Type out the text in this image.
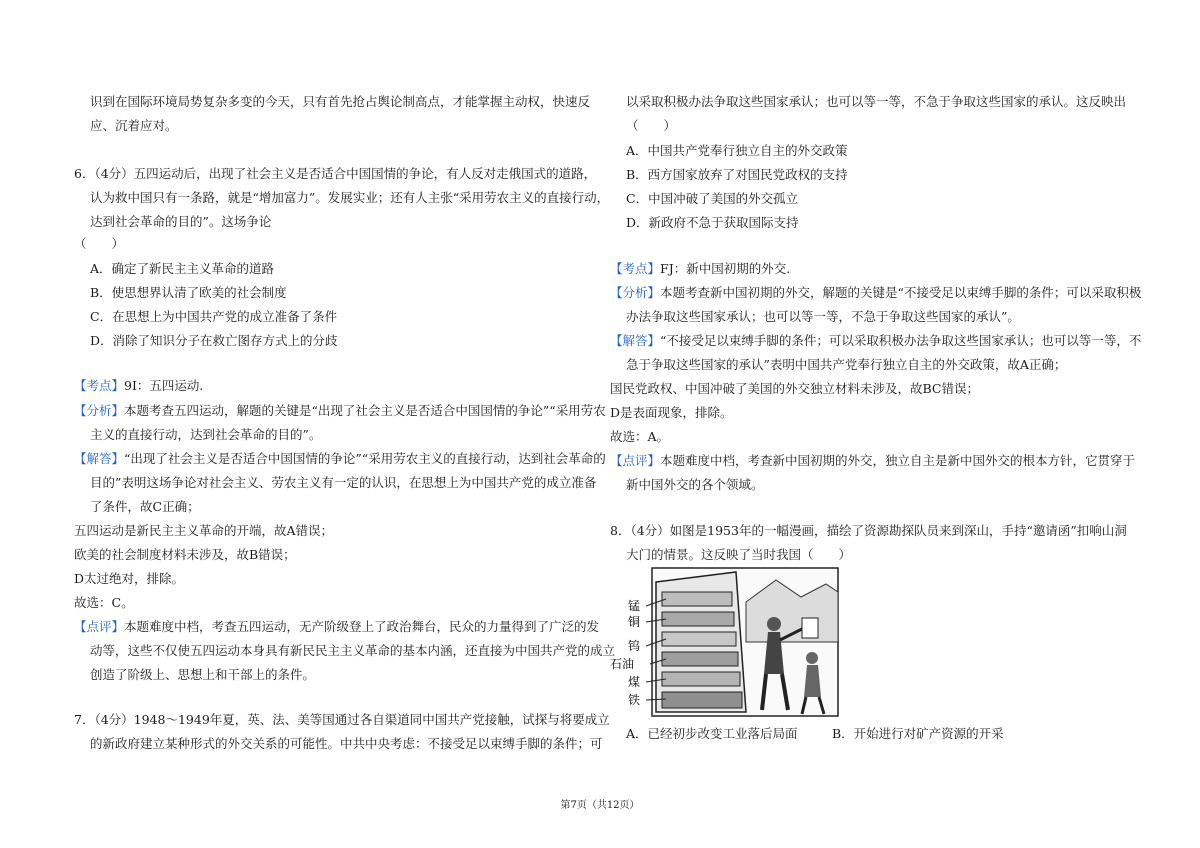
识到在国际环境局势复杂多变的今天，只有首先抢占舆论制高点，才能掌握主动权，快速反
应、沉着应对。
6．（4分）五四运动后，出现了社会主义是否适合中国国情的争论，有人反对走俄国式的道路，
认为救中国只有一条路，就是“增加富力”。发展实业；还有人主张“采用劳农主义的直接行动，
达到社会革命的目的”。这场争论
（　　）
A．确定了新民主主义革命的道路
B．使思想界认清了欧美的社会制度
C．在思想上为中国共产党的成立准备了条件
D．消除了知识分子在救亡图存方式上的分歧
【考点】9I：五四运动.
【分析】本题考查五四运动，解题的关键是“出现了社会主义是否适合中国国情的争论”“采用劳农
主义的直接行动，达到社会革命的目的”。
【解答】“出现了社会主义是否适合中国国情的争论”“采用劳农主义的直接行动，达到社会革命的
目的”表明这场争论对社会主义、劳农主义有一定的认识，在思想上为中国共产党的成立准备
了条件，故C正确；
五四运动是新民主主义革命的开端，故A错误；
欧美的社会制度材料未涉及，故B错误；
D太过绝对，排除。
故选：C。
【点评】本题难度中档，考查五四运动，无产阶级登上了政治舞台，民众的力量得到了广泛的发
动等，这些不仅使五四运动本身具有新民民主主义革命的基本内涵，还直接为中国共产党的成立
创造了阶级上、思想上和干部上的条件。
7．（4分）1948～1949年夏，英、法、美等国通过各自渠道同中国共产党接触，试探与将要成立
的新政府建立某种形式的外交关系的可能性。中共中央考虑：不接受足以束缚手脚的条件；可
以采取积极办法争取这些国家承认；也可以等一等，不急于争取这些国家的承认。这反映出
（　　）
A．中国共产党奉行独立自主的外交政策
B．西方国家放弃了对国民党政权的支持
C．中国冲破了美国的外交孤立
D．新政府不急于获取国际支持
【考点】FJ：新中国初期的外交.
【分析】本题考查新中国初期的外交，解题的关键是“不接受足以束缚手脚的条件；可以采取积极
办法争取这些国家承认；也可以等一等，不急于争取这些国家的承认”。
【解答】“不接受足以束缚手脚的条件；可以采取积极办法争取这些国家承认；也可以等一等，不
急于争取这些国家的承认”表明中国共产党奉行独立自主的外交政策，故A正确；
国民党政权、中国冲破了美国的外交独立材料未涉及，故BC错误；
D是表面现象，排除。
故选：A。
【点评】本题难度中档，考查新中国初期的外交，独立自主是新中国外交的根本方针，它贯穿于
新中国外交的各个领域。
8．（4分）如图是1953年的一幅漫画，描绘了资源勘探队员来到深山，手持“邀请函”扣响山洞
大门的情景。这反映了当时我国（　　）
锰
铜
钨
石油
煤
铁
A．已经初步改变工业落后局面	B．开始进行对矿产资源的开采
第7页（共12页）
